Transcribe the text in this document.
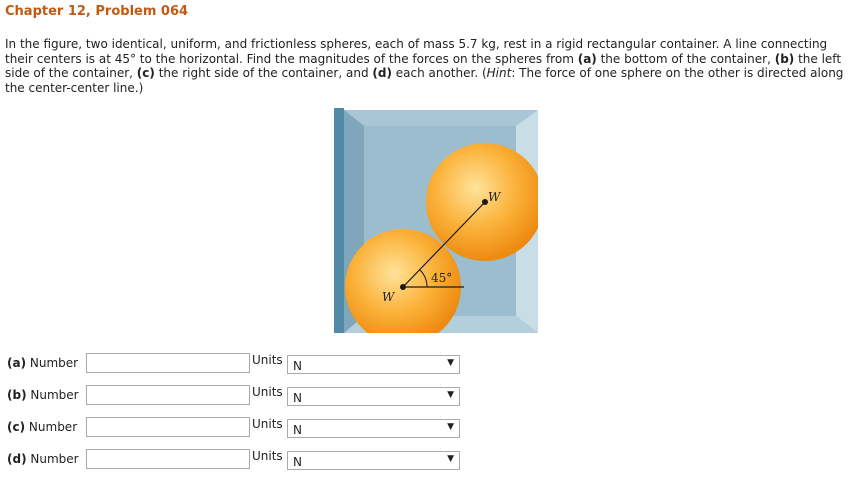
Chapter 12, Problem 064

In the figure, two identical, uniform, and frictionless spheres, each of mass 5.7 kg, rest in a rigid rectangular container. A line connecting their centers is at 45° to the horizontal. Find the magnitudes of the forces on the spheres from (a) the bottom of the container, (b) the left side of the container, (c) the right side of the container, and (d) each another. (Hint: The force of one sphere on the other is directed along the center-center line.)

45°
W
W
(a) Number	Units N	▼
(b) Number	Units N	▼
(c) Number	Units N	▼
(d) Number	Units N	▼
